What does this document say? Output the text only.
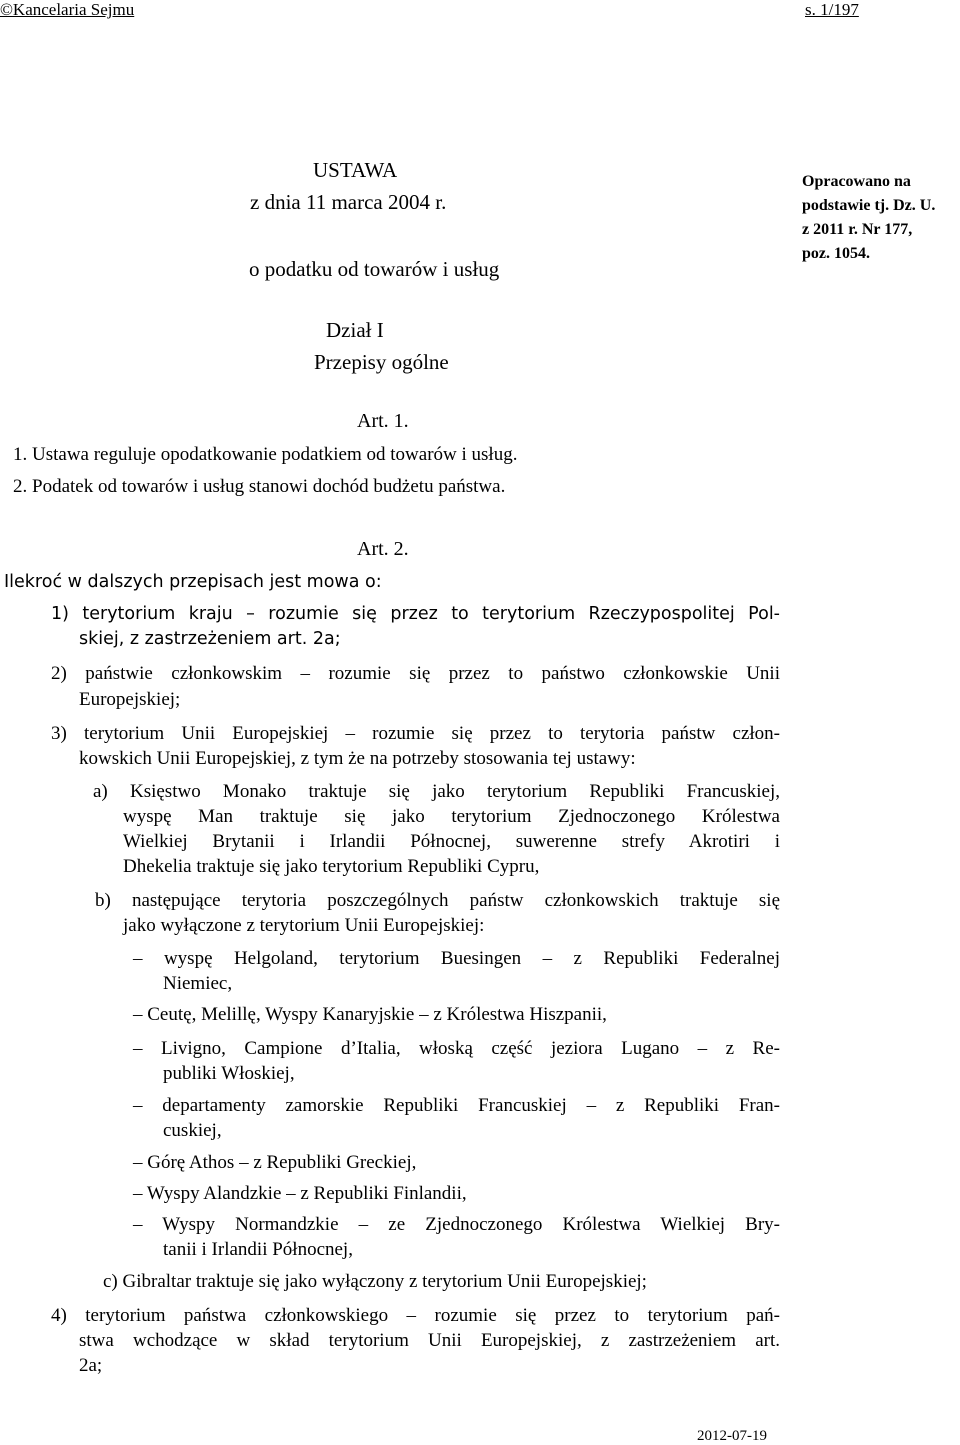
©Kancelaria Sejmu	s. 1/197
USTAWA
z dnia 11 marca 2004 r.
o podatku od towarów i usług
Opracowano na
podstawie tj. Dz. U.
z 2011 r. Nr 177,
poz. 1054.
Dział I
Przepisy ogólne
Art. 1.
1. Ustawa reguluje opodatkowanie podatkiem od towarów i usług.
2. Podatek od towarów i usług stanowi dochód budżetu państwa.
Art. 2.
Ilekroć w dalszych przepisach jest mowa o:
1) terytorium kraju – rozumie się przez to terytorium Rzeczypospolitej Pol-
skiej, z zastrzeżeniem art. 2a;
2) państwie członkowskim – rozumie się przez to państwo członkowskie Unii
Europejskiej;
3) terytorium Unii Europejskiej – rozumie się przez to terytoria państw człon-
kowskich Unii Europejskiej, z tym że na potrzeby stosowania tej ustawy:
a) Księstwo Monako traktuje się jako terytorium Republiki Francuskiej,
wyspę Man traktuje się jako terytorium Zjednoczonego Królestwa
Wielkiej Brytanii i Irlandii Północnej, suwerenne strefy Akrotiri i
Dhekelia traktuje się jako terytorium Republiki Cypru,
b) następujące terytoria poszczególnych państw członkowskich traktuje się
jako wyłączone z terytorium Unii Europejskiej:
– wyspę Helgoland, terytorium Buesingen – z Republiki Federalnej
Niemiec,
– Ceutę, Melillę, Wyspy Kanaryjskie – z Królestwa Hiszpanii,
– Livigno, Campione d’Italia, włoską część jeziora Lugano – z Re-
publiki Włoskiej,
– departamenty zamorskie Republiki Francuskiej – z Republiki Fran-
cuskiej,
– Górę Athos – z Republiki Greckiej,
– Wyspy Alandzkie – z Republiki Finlandii,
– Wyspy Normandzkie – ze Zjednoczonego Królestwa Wielkiej Bry-
tanii i Irlandii Północnej,
c) Gibraltar traktuje się jako wyłączony z terytorium Unii Europejskiej;
4) terytorium państwa członkowskiego – rozumie się przez to terytorium pań-
stwa wchodzące w skład terytorium Unii Europejskiej, z zastrzeżeniem art.
2a;
2012-07-19
